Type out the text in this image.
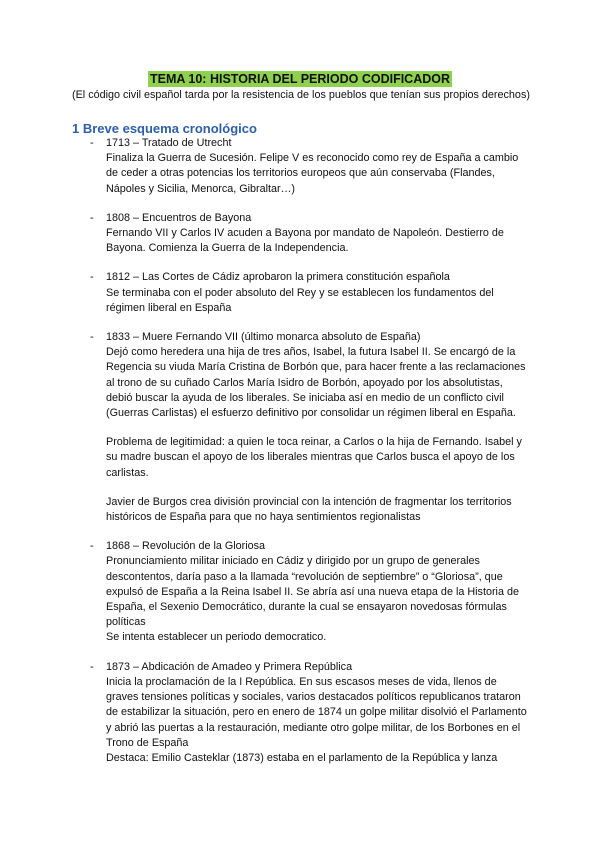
TEMA 10: HISTORIA DEL PERIODO CODIFICADOR
(El código civil español tarda por la resistencia de los pueblos que tenían sus propios derechos)
1 Breve esquema cronológico
- 1713 – Tratado de Utrecht
Finaliza la Guerra de Sucesión. Felipe V es reconocido como rey de España a cambio de ceder a otras potencias los territorios europeos que aún conservaba (Flandes, Nápoles y Sicilia, Menorca, Gibraltar…)
- 1808 – Encuentros de Bayona
Fernando VII y Carlos IV acuden a Bayona por mandato de Napoleón. Destierro de Bayona. Comienza la Guerra de la Independencia.
- 1812 – Las Cortes de Cádiz aprobaron la primera constitución española
Se terminaba con el poder absoluto del Rey y se establecen los fundamentos del régimen liberal en España
- 1833 – Muere Fernando VII (último monarca absoluto de España)
Dejó como heredera una hija de tres años, Isabel, la futura Isabel II. Se encargó de la Regencia su viuda María Cristina de Borbón que, para hacer frente a las reclamaciones al trono de su cuñado Carlos María Isidro de Borbón, apoyado por los absolutistas, debió buscar la ayuda de los liberales. Se iniciaba así en medio de un conflicto civil (Guerras Carlistas) el esfuerzo definitivo por consolidar un régimen liberal en España.
Problema de legitimidad: a quien le toca reinar, a Carlos o la hija de Fernando. Isabel y su madre buscan el apoyo de los liberales mientras que Carlos busca el apoyo de los carlistas.
Javier de Burgos crea división provincial con la intención de fragmentar los territorios históricos de España para que no haya sentimientos regionalistas
- 1868 – Revolución de la Gloriosa
Pronunciamiento militar iniciado en Cádiz y dirigido por un grupo de generales descontentos, daría paso a la llamada “revolución de septiembre” o “Gloriosa”, que expulsó de España a la Reina Isabel II. Se abría así una nueva etapa de la Historia de España, el Sexenio Democrático, durante la cual se ensayaron novedosas fórmulas políticas
Se intenta establecer un periodo democratico.
- 1873 – Abdicación de Amadeo y Primera República
Inicia la proclamación de la I República. En sus escasos meses de vida, llenos de graves tensiones políticas y sociales, varios destacados políticos republicanos trataron de estabilizar la situación, pero en enero de 1874 un golpe militar disolvió el Parlamento y abrió las puertas a la restauración, mediante otro golpe militar, de los Borbones en el Trono de España
Destaca: Emilio Casteklar (1873) estaba en el parlamento de la República y lanza
